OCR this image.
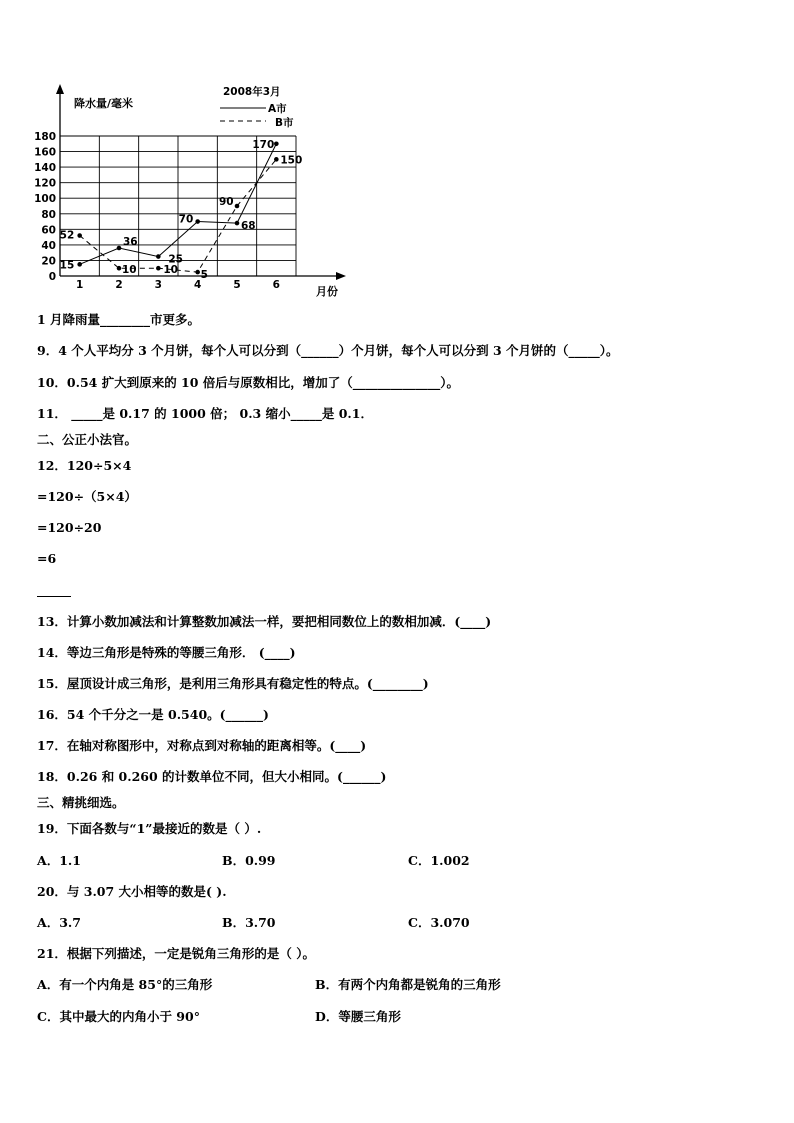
降水量/毫米
月份
2008年3月
A市
B市
0
20
40
60
80
100
120
140
160
180
1	2	3	4	5	6
15
36
25
70
68
170
52
10	10 5
90
150
1 月降雨量________市更多。
9．4 个人平均分 3 个月饼，每个人可以分到（______）个月饼，每个人可以分到 3 个月饼的（_____）。
10．0.54 扩大到原来的 10 倍后与原数相比，增加了（______________）。
11． _____是 0.17 的 1000 倍； 0.3 缩小_____是 0.1．
二、公正小法官。
12．120÷5×4
=120÷（5×4）
=120÷20
=6
13．计算小数加减法和计算整数加减法一样，要把相同数位上的数相加减．(____)
14．等边三角形是特殊的等腰三角形． (____)
15．屋顶设计成三角形，是利用三角形具有稳定性的特点。(________)
16．54 个千分之一是 0.540。(______)
17．在轴对称图形中，对称点到对称轴的距离相等。(____)
18．0.26 和 0.260 的计数单位不同，但大小相同。(______)
三、精挑细选。
19．下面各数与“1”最接近的数是（ ）.
A．1.1	B．0.99	C．1.002
20．与 3.07 大小相等的数是( ).
A．3.7	B．3.70	C．3.070
21．根据下列描述，一定是锐角三角形的是（ ）。
A．有一个内角是 85°的三角形	B．有两个内角都是锐角的三角形
C．其中最大的内角小于 90°	D．等腰三角形
